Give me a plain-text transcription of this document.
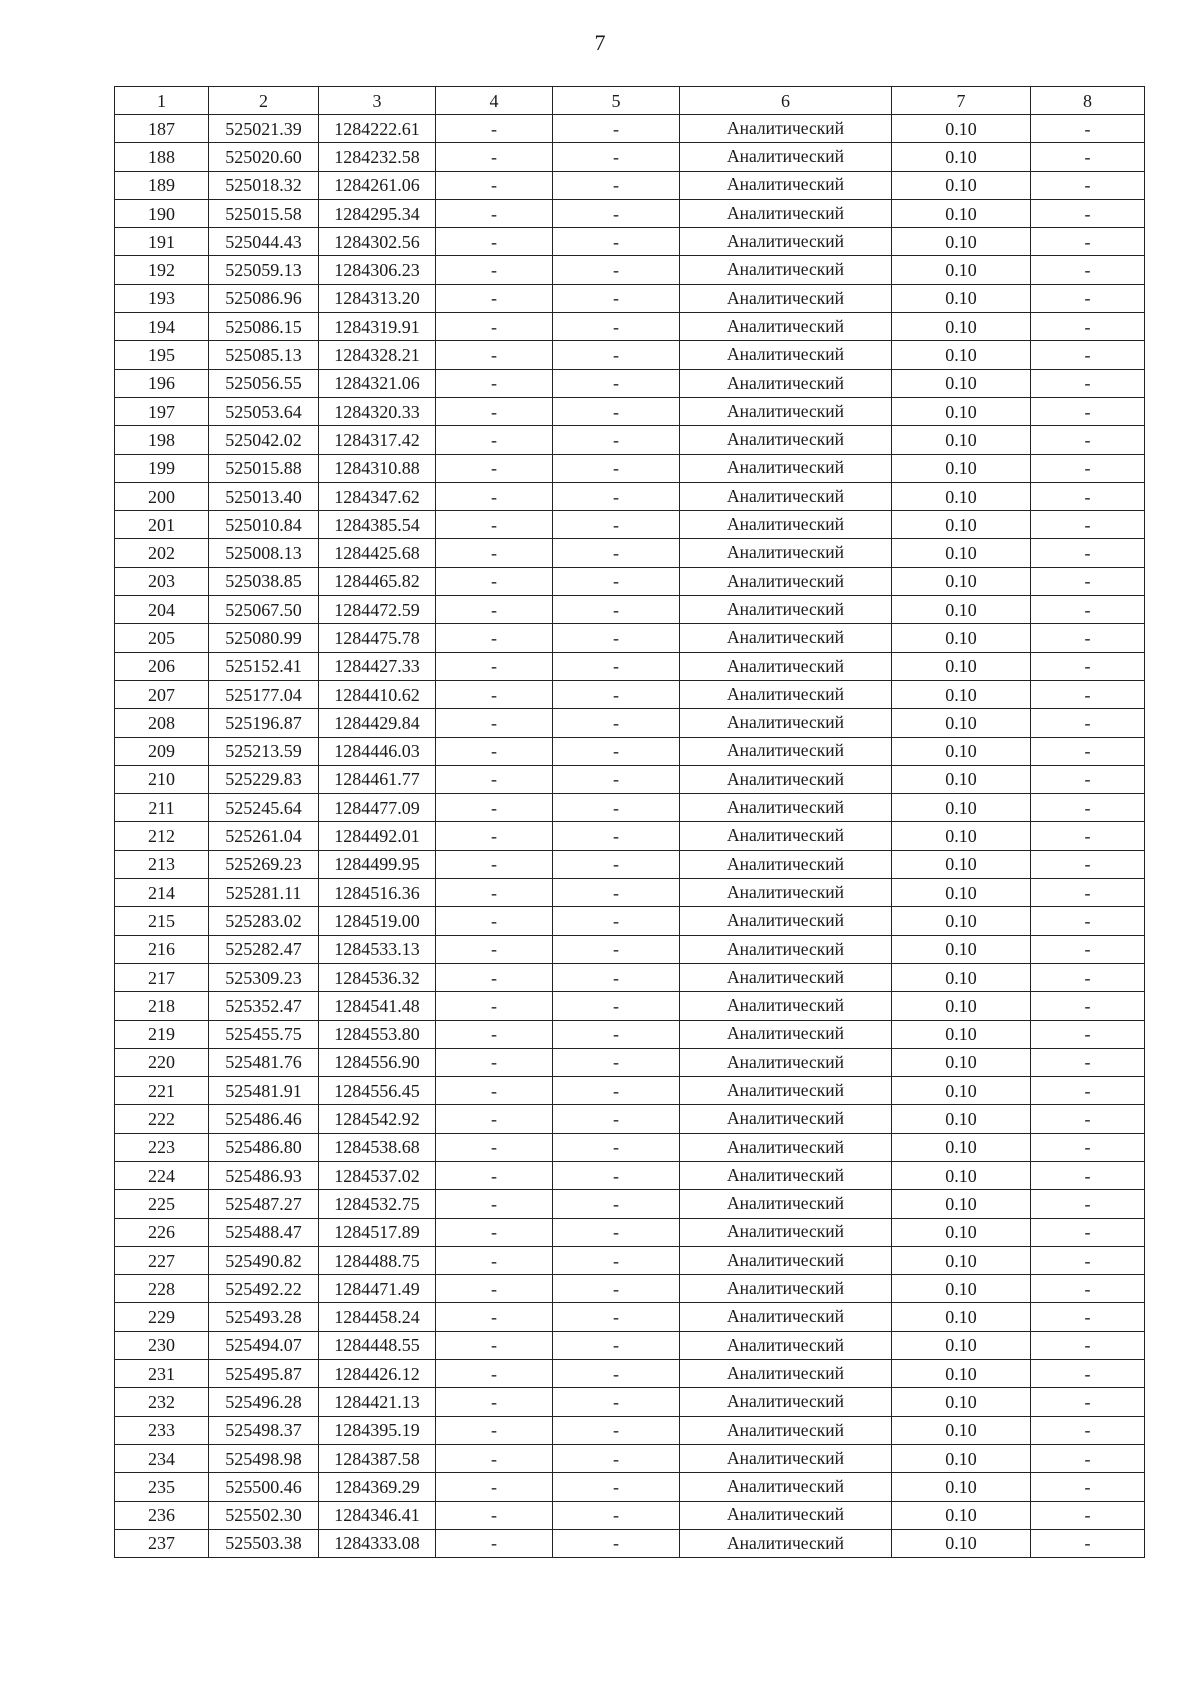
7
1	2	3	4	5	6	7	8
187	525021.39	1284222.61	-	-	Аналитический	0.10	-
188	525020.60	1284232.58	-	-	Аналитический	0.10	-
189	525018.32	1284261.06	-	-	Аналитический	0.10	-
190	525015.58	1284295.34	-	-	Аналитический	0.10	-
191	525044.43	1284302.56	-	-	Аналитический	0.10	-
192	525059.13	1284306.23	-	-	Аналитический	0.10	-
193	525086.96	1284313.20	-	-	Аналитический	0.10	-
194	525086.15	1284319.91	-	-	Аналитический	0.10	-
195	525085.13	1284328.21	-	-	Аналитический	0.10	-
196	525056.55	1284321.06	-	-	Аналитический	0.10	-
197	525053.64	1284320.33	-	-	Аналитический	0.10	-
198	525042.02	1284317.42	-	-	Аналитический	0.10	-
199	525015.88	1284310.88	-	-	Аналитический	0.10	-
200	525013.40	1284347.62	-	-	Аналитический	0.10	-
201	525010.84	1284385.54	-	-	Аналитический	0.10	-
202	525008.13	1284425.68	-	-	Аналитический	0.10	-
203	525038.85	1284465.82	-	-	Аналитический	0.10	-
204	525067.50	1284472.59	-	-	Аналитический	0.10	-
205	525080.99	1284475.78	-	-	Аналитический	0.10	-
206	525152.41	1284427.33	-	-	Аналитический	0.10	-
207	525177.04	1284410.62	-	-	Аналитический	0.10	-
208	525196.87	1284429.84	-	-	Аналитический	0.10	-
209	525213.59	1284446.03	-	-	Аналитический	0.10	-
210	525229.83	1284461.77	-	-	Аналитический	0.10	-
211	525245.64	1284477.09	-	-	Аналитический	0.10	-
212	525261.04	1284492.01	-	-	Аналитический	0.10	-
213	525269.23	1284499.95	-	-	Аналитический	0.10	-
214	525281.11	1284516.36	-	-	Аналитический	0.10	-
215	525283.02	1284519.00	-	-	Аналитический	0.10	-
216	525282.47	1284533.13	-	-	Аналитический	0.10	-
217	525309.23	1284536.32	-	-	Аналитический	0.10	-
218	525352.47	1284541.48	-	-	Аналитический	0.10	-
219	525455.75	1284553.80	-	-	Аналитический	0.10	-
220	525481.76	1284556.90	-	-	Аналитический	0.10	-
221	525481.91	1284556.45	-	-	Аналитический	0.10	-
222	525486.46	1284542.92	-	-	Аналитический	0.10	-
223	525486.80	1284538.68	-	-	Аналитический	0.10	-
224	525486.93	1284537.02	-	-	Аналитический	0.10	-
225	525487.27	1284532.75	-	-	Аналитический	0.10	-
226	525488.47	1284517.89	-	-	Аналитический	0.10	-
227	525490.82	1284488.75	-	-	Аналитический	0.10	-
228	525492.22	1284471.49	-	-	Аналитический	0.10	-
229	525493.28	1284458.24	-	-	Аналитический	0.10	-
230	525494.07	1284448.55	-	-	Аналитический	0.10	-
231	525495.87	1284426.12	-	-	Аналитический	0.10	-
232	525496.28	1284421.13	-	-	Аналитический	0.10	-
233	525498.37	1284395.19	-	-	Аналитический	0.10	-
234	525498.98	1284387.58	-	-	Аналитический	0.10	-
235	525500.46	1284369.29	-	-	Аналитический	0.10	-
236	525502.30	1284346.41	-	-	Аналитический	0.10	-
237	525503.38	1284333.08	-	-	Аналитический	0.10	-
